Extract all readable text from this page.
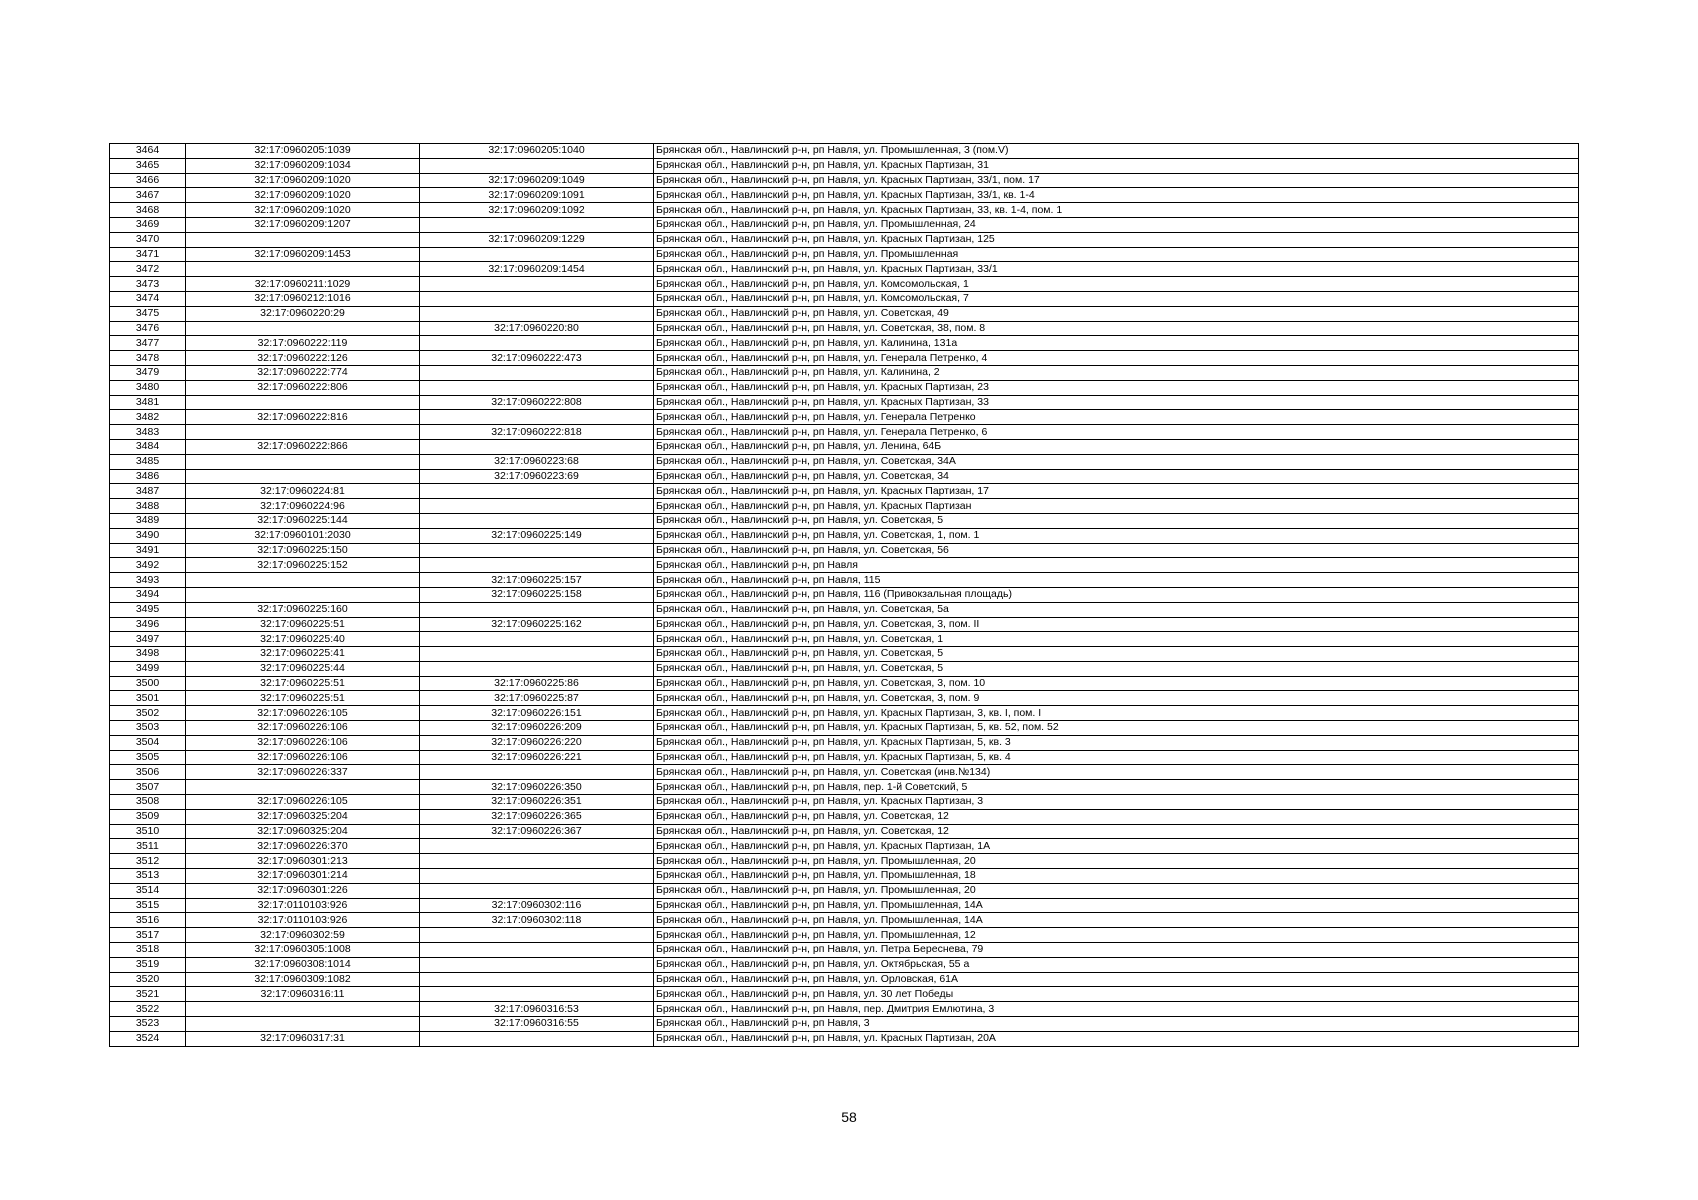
3464	32:17:0960205:1039	32:17:0960205:1040	Брянская обл., Навлинский р-н, рп Навля, ул. Промышленная, 3 (пом.V)
3465	32:17:0960209:1034		Брянская обл., Навлинский р-н, рп Навля, ул. Красных Партизан, 31
3466	32:17:0960209:1020	32:17:0960209:1049	Брянская обл., Навлинский р-н, рп Навля, ул. Красных Партизан, 33/1, пом. 17
3467	32:17:0960209:1020	32:17:0960209:1091	Брянская обл., Навлинский р-н, рп Навля, ул. Красных Партизан, 33/1, кв. 1-4
3468	32:17:0960209:1020	32:17:0960209:1092	Брянская обл., Навлинский р-н, рп Навля, ул. Красных Партизан, 33, кв. 1-4, пом. 1
3469	32:17:0960209:1207		Брянская обл., Навлинский р-н, рп Навля, ул. Промышленная, 24
3470		32:17:0960209:1229	Брянская обл., Навлинский р-н, рп Навля, ул. Красных Партизан, 125
3471	32:17:0960209:1453		Брянская обл., Навлинский р-н, рп Навля, ул. Промышленная
3472		32:17:0960209:1454	Брянская обл., Навлинский р-н, рп Навля, ул. Красных Партизан, 33/1
3473	32:17:0960211:1029		Брянская обл., Навлинский р-н, рп Навля, ул. Комсомольская, 1
3474	32:17:0960212:1016		Брянская обл., Навлинский р-н, рп Навля, ул. Комсомольская, 7
3475	32:17:0960220:29		Брянская обл., Навлинский р-н, рп Навля, ул. Советская, 49
3476		32:17:0960220:80	Брянская обл., Навлинский р-н, рп Навля, ул. Советская, 38, пом. 8
3477	32:17:0960222:119		Брянская обл., Навлинский р-н, рп Навля, ул. Калинина, 131а
3478	32:17:0960222:126	32:17:0960222:473	Брянская обл., Навлинский р-н, рп Навля, ул. Генерала Петренко, 4
3479	32:17:0960222:774		Брянская обл., Навлинский р-н, рп Навля, ул. Калинина, 2
3480	32:17:0960222:806		Брянская обл., Навлинский р-н, рп Навля, ул. Красных Партизан, 23
3481		32:17:0960222:808	Брянская обл., Навлинский р-н, рп Навля, ул. Красных Партизан, 33
3482	32:17:0960222:816		Брянская обл., Навлинский р-н, рп Навля, ул. Генерала Петренко
3483		32:17:0960222:818	Брянская обл., Навлинский р-н, рп Навля, ул. Генерала Петренко, 6
3484	32:17:0960222:866		Брянская обл., Навлинский р-н, рп Навля, ул. Ленина, 64Б
3485		32:17:0960223:68	Брянская обл., Навлинский р-н, рп Навля, ул. Советская, 34А
3486		32:17:0960223:69	Брянская обл., Навлинский р-н, рп Навля, ул. Советская, 34
3487	32:17:0960224:81		Брянская обл., Навлинский р-н, рп Навля, ул. Красных Партизан, 17
3488	32:17:0960224:96		Брянская обл., Навлинский р-н, рп Навля, ул. Красных Партизан
3489	32:17:0960225:144		Брянская обл., Навлинский р-н, рп Навля, ул. Советская, 5
3490	32:17:0960101:2030	32:17:0960225:149	Брянская обл., Навлинский р-н, рп Навля, ул. Советская, 1, пом. 1
3491	32:17:0960225:150		Брянская обл., Навлинский р-н, рп Навля, ул. Советская, 56
3492	32:17:0960225:152		Брянская обл., Навлинский р-н, рп Навля
3493		32:17:0960225:157	Брянская обл., Навлинский р-н, рп Навля, 115
3494		32:17:0960225:158	Брянская обл., Навлинский р-н, рп Навля, 116 (Привокзальная площадь)
3495	32:17:0960225:160		Брянская обл., Навлинский р-н, рп Навля, ул. Советская, 5а
3496	32:17:0960225:51	32:17:0960225:162	Брянская обл., Навлинский р-н, рп Навля, ул. Советская, 3, пом. II
3497	32:17:0960225:40		Брянская обл., Навлинский р-н, рп Навля, ул. Советская, 1
3498	32:17:0960225:41		Брянская обл., Навлинский р-н, рп Навля, ул. Советская, 5
3499	32:17:0960225:44		Брянская обл., Навлинский р-н, рп Навля, ул. Советская, 5
3500	32:17:0960225:51	32:17:0960225:86	Брянская обл., Навлинский р-н, рп Навля, ул. Советская, 3, пом. 10
3501	32:17:0960225:51	32:17:0960225:87	Брянская обл., Навлинский р-н, рп Навля, ул. Советская, 3, пом. 9
3502	32:17:0960226:105	32:17:0960226:151	Брянская обл., Навлинский р-н, рп Навля, ул. Красных Партизан, 3, кв. I, пом. I
3503	32:17:0960226:106	32:17:0960226:209	Брянская обл., Навлинский р-н, рп Навля, ул. Красных Партизан, 5, кв. 52, пом. 52
3504	32:17:0960226:106	32:17:0960226:220	Брянская обл., Навлинский р-н, рп Навля, ул. Красных Партизан, 5, кв. 3
3505	32:17:0960226:106	32:17:0960226:221	Брянская обл., Навлинский р-н, рп Навля, ул. Красных Партизан, 5, кв. 4
3506	32:17:0960226:337		Брянская обл., Навлинский р-н, рп Навля, ул. Советская (инв.№134)
3507		32:17:0960226:350	Брянская обл., Навлинский р-н, рп Навля, пер. 1-й Советский, 5
3508	32:17:0960226:105	32:17:0960226:351	Брянская обл., Навлинский р-н, рп Навля, ул. Красных Партизан, 3
3509	32:17:0960325:204	32:17:0960226:365	Брянская обл., Навлинский р-н, рп Навля, ул. Советская, 12
3510	32:17:0960325:204	32:17:0960226:367	Брянская обл., Навлинский р-н, рп Навля, ул. Советская, 12
3511	32:17:0960226:370		Брянская обл., Навлинский р-н, рп Навля, ул. Красных Партизан, 1А
3512	32:17:0960301:213		Брянская обл., Навлинский р-н, рп Навля, ул. Промышленная, 20
3513	32:17:0960301:214		Брянская обл., Навлинский р-н, рп Навля, ул. Промышленная, 18
3514	32:17:0960301:226		Брянская обл., Навлинский р-н, рп Навля, ул. Промышленная, 20
3515	32:17:0110103:926	32:17:0960302:116	Брянская обл., Навлинский р-н, рп Навля, ул. Промышленная, 14А
3516	32:17:0110103:926	32:17:0960302:118	Брянская обл., Навлинский р-н, рп Навля, ул. Промышленная, 14А
3517	32:17:0960302:59		Брянская обл., Навлинский р-н, рп Навля, ул. Промышленная, 12
3518	32:17:0960305:1008		Брянская обл., Навлинский р-н, рп Навля, ул. Петра Береснева, 79
3519	32:17:0960308:1014		Брянская обл., Навлинский р-н, рп Навля, ул. Октябрьская, 55 а
3520	32:17:0960309:1082		Брянская обл., Навлинский р-н, рп Навля, ул. Орловская, 61А
3521	32:17:0960316:11		Брянская обл., Навлинский р-н, рп Навля, ул. 30 лет Победы
3522		32:17:0960316:53	Брянская обл., Навлинский р-н, рп Навля, пер. Дмитрия Емлютина, 3
3523		32:17:0960316:55	Брянская обл., Навлинский р-н, рп Навля, 3
3524	32:17:0960317:31		Брянская обл., Навлинский р-н, рп Навля, ул. Красных Партизан, 20А
58
